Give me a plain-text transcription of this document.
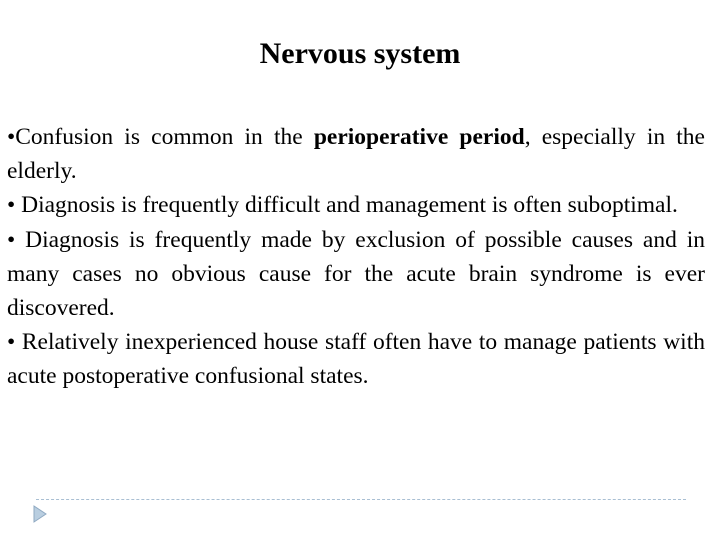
Nervous system
•Confusion is common in the perioperative period, especially in the elderly.
• Diagnosis is frequently difficult and management is often suboptimal.
• Diagnosis is frequently made by exclusion of possible causes and in many cases no obvious cause for the acute brain syndrome is ever discovered.
• Relatively inexperienced house staff often have to manage patients with acute postoperative confusional states.
